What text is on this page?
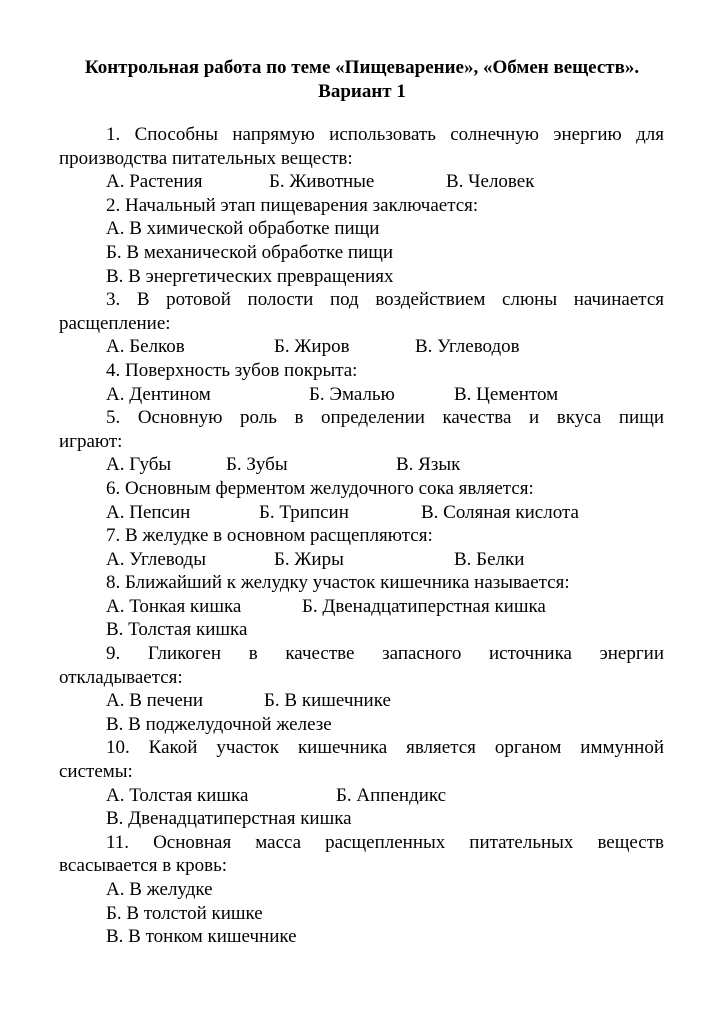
Контрольная работа по теме «Пищеварение», «Обмен веществ».
Вариант 1
1. Способны напрямую использовать солнечную энергию для
производства питательных веществ:
А. Растения	Б. Животные	В. Человек
2. Начальный этап пищеварения заключается:
А. В химической обработке пищи
Б. В механической обработке пищи
В. В энергетических превращениях
3. В ротовой полости под воздействием слюны начинается
расщепление:
А. Белков	Б. Жиров	В. Углеводов
4. Поверхность зубов покрыта:
А. Дентином	Б. Эмалью	В. Цементом
5. Основную роль в определении качества и вкуса пищи
играют:
А. Губы	Б. Зубы	В. Язык
6. Основным ферментом желудочного сока является:
А. Пепсин	Б. Трипсин	В. Соляная кислота
7. В желудке в основном расщепляются:
А. Углеводы	Б. Жиры	В. Белки
8. Ближайший к желудку участок кишечника называется:
А. Тонкая кишка	Б. Двенадцатиперстная кишка
В. Толстая кишка
9. Гликоген в качестве запасного источника энергии
откладывается:
А. В печени	Б. В кишечнике
В. В поджелудочной железе
10. Какой участок кишечника является органом иммунной
системы:
А. Толстая кишка	Б. Аппендикс
В. Двенадцатиперстная кишка
11. Основная масса расщепленных питательных веществ
всасывается в кровь:
А. В желудке
Б. В толстой кишке
В. В тонком кишечнике
